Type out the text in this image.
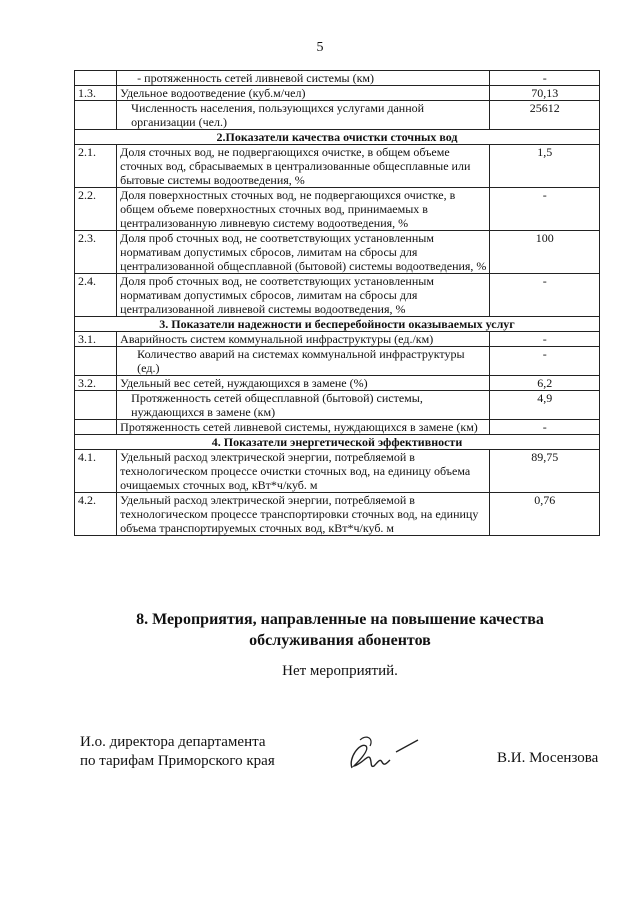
5
	- протяженность сетей ливневой системы (км)	-
1.3.	Удельное водоотведение (куб.м/чел)	70,13
	Численность населения, пользующихся услугами данной организации (чел.)	25612
2.Показатели качества очистки сточных вод		
2.1.	Доля сточных вод, не подвергающихся очистке, в общем объеме сточных вод, сбрасываемых в централизованные общесплавные или бытовые системы водоотведения, %	1,5
2.2.	Доля поверхностных сточных вод, не подвергающихся очистке, в общем объеме поверхностных сточных вод, принимаемых в централизованную ливневую систему водоотведения, %	-
2.3.	Доля проб сточных вод, не соответствующих установленным нормативам допустимых сбросов, лимитам на сбросы для централизованной общесплавной (бытовой) системы водоотведения, %	100
2.4.	Доля проб сточных вод, не соответствующих установленным нормативам допустимых сбросов, лимитам на сбросы для централизованной ливневой системы водоотведения, %	-
3. Показатели надежности и бесперебойности оказываемых услуг		
3.1.	Аварийность систем коммунальной инфраструктуры (ед./км)	-
	Количество аварий на системах коммунальной инфраструктуры (ед.)	-
3.2.	Удельный вес сетей, нуждающихся в замене (%)	6,2
	Протяженность сетей общесплавной (бытовой) системы, нуждающихся в замене (км)	4,9
	Протяженность сетей ливневой системы, нуждающихся в замене (км)	-
4. Показатели энергетической эффективности		
4.1.	Удельный расход электрической энергии, потребляемой в технологическом процессе очистки сточных вод, на единицу объема очищаемых сточных вод, кВт*ч/куб. м	89,75
4.2.	Удельный расход электрической энергии, потребляемой в технологическом процессе транспортировки сточных вод, на единицу объема транспортируемых сточных вод, кВт*ч/куб. м	0,76
8. Мероприятия, направленные на повышение качества
обслуживания абонентов
Нет мероприятий.
И.о. директора департамента
по тарифам Приморского края	В.И. Мосензова
